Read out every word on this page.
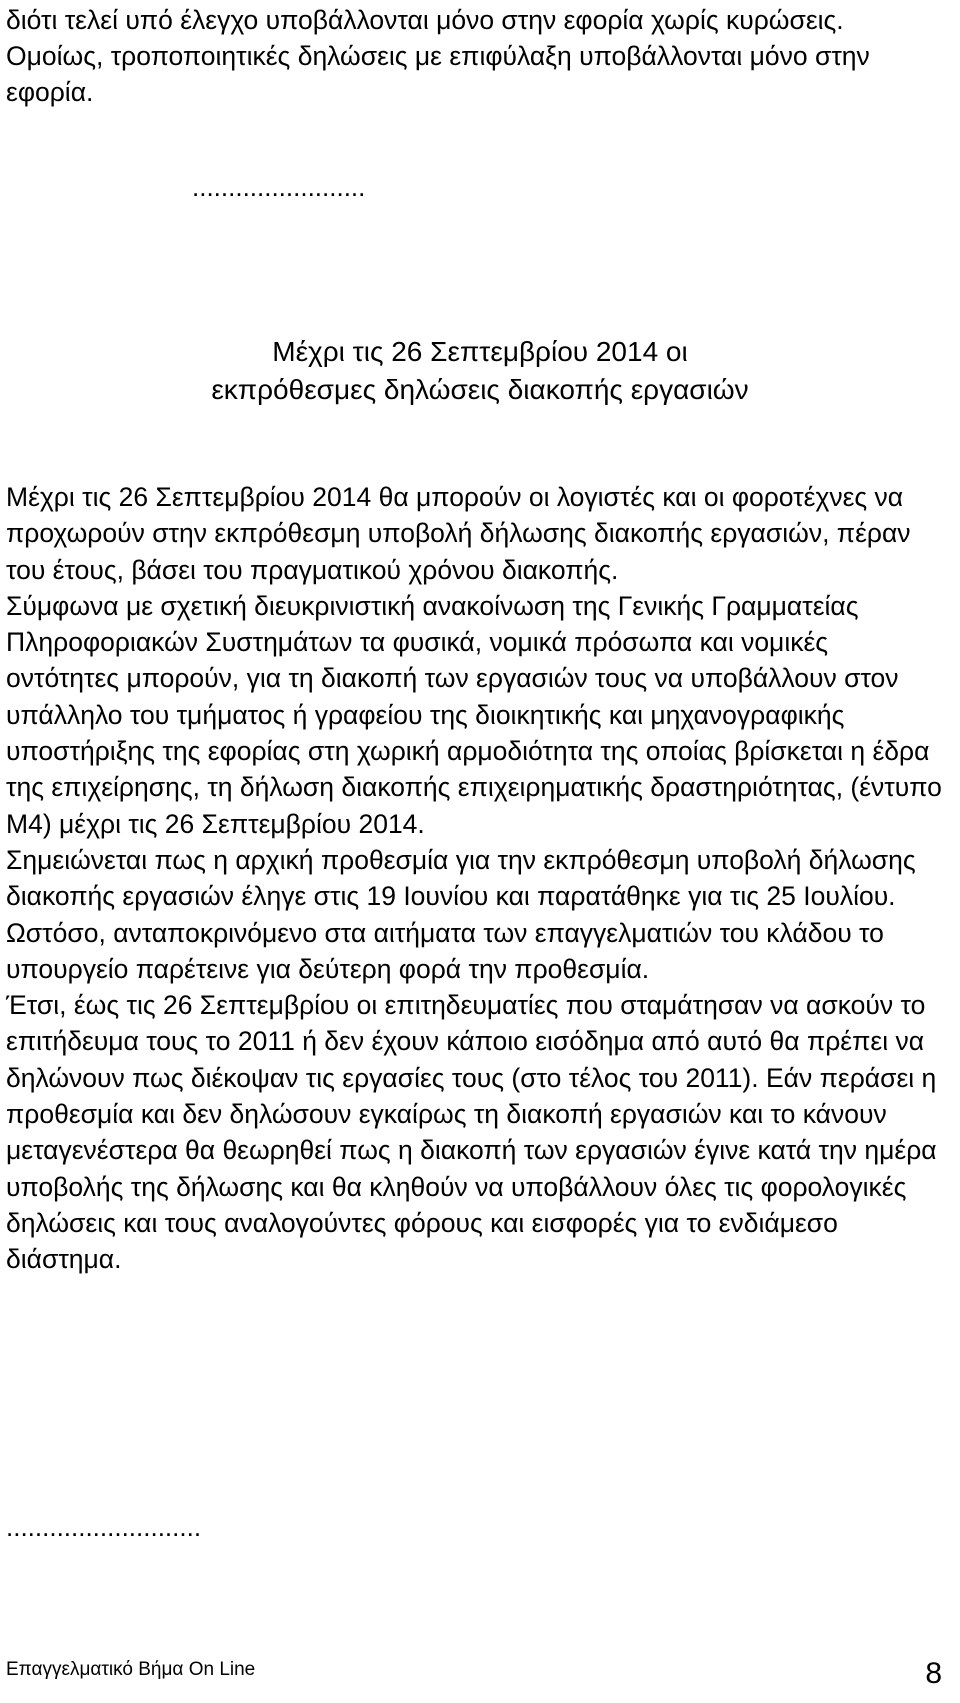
διότι τελεί υπό έλεγχο υποβάλλονται μόνο στην εφορία χωρίς κυρώσεις. Ομοίως, τροποποιητικές δηλώσεις με επιφύλαξη υποβάλλονται μόνο στην εφορία.

........................

Μέχρι τις 26 Σεπτεμβρίου 2014 οι
εκπρόθεσμες δηλώσεις διακοπής εργασιών

Μέχρι τις 26 Σεπτεμβρίου 2014 θα μπορούν οι λογιστές και οι φοροτέχνες να προχωρούν στην εκπρόθεσμη υποβολή δήλωσης διακοπής εργασιών, πέραν του έτους, βάσει του πραγματικού χρόνου διακοπής.

Σύμφωνα με σχετική διευκρινιστική ανακοίνωση της Γενικής Γραμματείας Πληροφοριακών Συστημάτων τα φυσικά, νομικά πρόσωπα και νομικές οντότητες μπορούν, για τη διακοπή των εργασιών τους να υποβάλλουν στον υπάλληλο του τμήματος ή γραφείου της διοικητικής και μηχανογραφικής υποστήριξης της εφορίας στη χωρική αρμοδιότητα της οποίας βρίσκεται η έδρα της επιχείρησης, τη δήλωση διακοπής επιχειρηματικής δραστηριότητας, (έντυπο Μ4) μέχρι τις 26 Σεπτεμβρίου 2014.

Σημειώνεται πως η αρχική προθεσμία για την εκπρόθεσμη υποβολή δήλωσης διακοπής εργασιών έληγε στις 19 Ιουνίου και παρατάθηκε για τις 25 Ιουλίου. Ωστόσο, ανταποκρινόμενο στα αιτήματα των επαγγελματιών του κλάδου το υπουργείο παρέτεινε για δεύτερη φορά την προθεσμία.

Έτσι, έως τις 26 Σεπτεμβρίου οι επιτηδευματίες που σταμάτησαν να ασκούν το επιτήδευμα τους το 2011 ή δεν έχουν κάποιο εισόδημα από αυτό θα πρέπει να δηλώνουν πως διέκοψαν τις εργασίες τους (στο τέλος του 2011). Εάν περάσει η προθεσμία και δεν δηλώσουν εγκαίρως τη διακοπή εργασιών και το κάνουν μεταγενέστερα θα θεωρηθεί πως η διακοπή των εργασιών έγινε κατά την ημέρα υποβολής της δήλωσης και θα κληθούν να υποβάλλουν όλες τις φορολογικές δηλώσεις και τους αναλογούντες φόρους και εισφορές για το ενδιάμεσο διάστημα.

...........................

Επαγγελματικό Βήμα On Line	8
